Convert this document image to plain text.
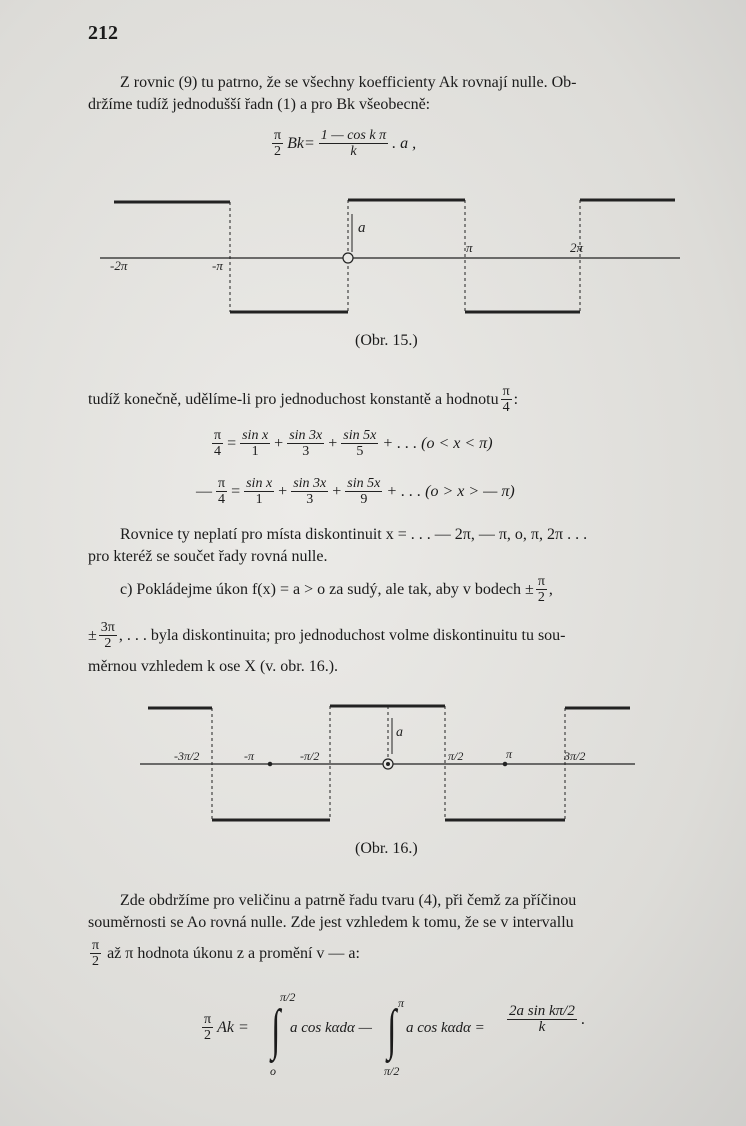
212
Z rovnic (9) tu patrno, že se všechny koefficienty Ak rovnají nulle. Ob-
držíme tudíž jednodušší řadn (1) a pro Bk všeobecně:
$\frac{\pi}{2} Bk= \frac{\text{1 — cos k π}}{k}$ . a ,
-2π	-π
a
π	2π
(Obr. 15.)
tudíž konečně, udělíme-li pro jednoduchost konstantě a hodnotu $\frac{\pi}{4}$ :
$\frac{\pi}{4} = \frac{\text{sin x}}{1} + \frac{\sin 3x}{3} + \frac{\sin 5x}{5}$ + . . . (o < x < π)
— $\frac{\pi}{4} = \frac{\text{sin x}}{1} + \frac{\sin 3x}{3} + \frac{\sin 5x}{9}$ + . . . (o > x > — π)
Rovnice ty neplatí pro místa diskontinuit x = . . . — 2π, — π, o, π, 2π . . .
pro kteréž se součet řady rovná nulle.
c) Pokládejme úkon f(x) = a > o za sudý, ale tak, aby v bodech ± $\frac{\pi}{2}$ ,
± $\frac{3\pi}{2}$ , . . . byla diskontinuita; pro jednoduchost volme diskontinuitu tu sou-
měrnou vzhledem k ose X (v. obr. 16.).
-3π/2	-π	-π/2
a
π/2	π	3π/2
(Obr. 16.)
Zde obdržíme pro veličinu a patrně řadu tvaru (4), při čemž za příčinou
souměrnosti se Ao rovná nulle. Zde jest vzhledem k tomu, že se v intervallu
$\frac{\pi}{2}$ až π hodnota úkonu z a promění v — a:
$\frac{\pi}{2}$ Ak =
π/2
∫
o
a cos kαdα —
π
∫
π/2
a $\cos k\alpha d\alpha = \frac{\text{2a sin kπ/2}}{k}$ .
